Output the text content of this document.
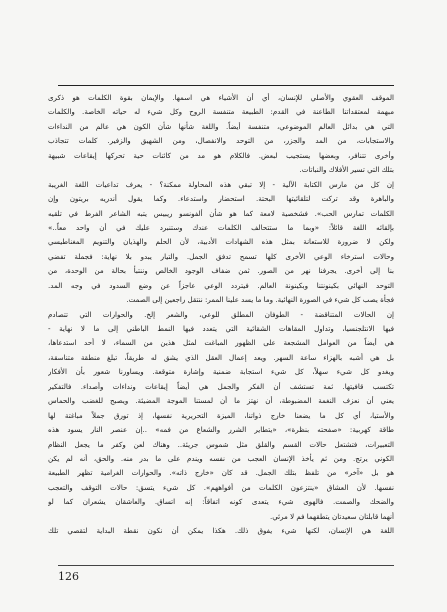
الموقف العقوي والأصلي للإنسان، أي أن الأشياء هي اسمها. والإيمان بقوة الكلمات هو ذكرى
مبهمة لمعتقداتنا الطاعنة في القدم: الطبيعة متنفسة الروح وكل شيء له حياته الخاصة. والكلمات
التي هي بدائل العالم الموضوعي، متنفسة أيضاً. واللغة شأنها شأن الكون هي عالم من النداءات
والاستجابات، من المد والجزر، من التوحد والانفصال، ومن الشهيق والزفير. كلمات تتجاذب
وأخرى تتنافر، وبعضها يستجيب لبعض. فالكلام هو مد من كائنات حية تحركها إيقاعات شبيهة
بتلك التي تسير الأفلاك والنباتات.
إن كل من مارس الكتابة الآلية - إلا تبقي هذه المحاولة ممكنة؟ - يعرف تداعيات اللغة الغريبة
والباهرة وقد تركت لتلقائيتها البحتة. استحضار واستدعاء. وكما يقول أندريه بريتون وإن
الكلمات تمارس الحب». فشخصية لامعة كما هو شأن ألفونسو ريبيس يتبه الشاعر الفرط في تلقيه
بإلقائه اللغة قائلاً: «وبما ما ستتحالف الكلمات عندك وستنبرد عليك في أن واحد معاً..»
ولكن لا ضرورة للاستعانة بمثل هذه الشهادات الأدبية، لأن الحلم والهذيان والتنويم المغناطيسي
وحالات استرخاء الوعي الأخرى كلها تسمح تدفق الجمل. والتيار يبدو بلا نهاية: فجملة تفضي
بنا إلى أخرى. يجرفنا نهر من الصور. ثمن ضفاف الوجود الخالص وننتبأ بحالة من الوحدة، من
التوحد النهائي بكينونتنا وبكينونة العالم. فيتردد الوعي عاجزاً عن وضع السدود في وجه المد.
فجأة يصب كل شيء في الصورة النهائية. وما ما يسد علينا الممر: ننتقل راجعين إلى الصمت.
إن الحالات المتناقضة - الطوفان المطلق للوعي، والشعر إلخ. والحوارات التي تتصادم
فيها الانتلجنسيا، وتداول المقاهات الشقائية التي يتعدد فيها النمط الباطني إلى ما لا نهاية -
هي أيضاً من العوامل المشجعة على الظهور المباغت لمثل هذين من السماء، لا أحد استدعاها،
بل هي أشبه بالهزاء ساعة السهر. ويعد إعمال العقل الذي يشق له طريقاً، تبلغ منطقة متناسقة،
ويغدو كل شيء سهلاً، كل شيء استجابة ضمنية وإشارة متوقعة. ويساورنا شعور بأن الأفكار
تكتسب قافيتها. ثمة تستشف أن الفكر والجمل هي أيضاً إيقاعات ونداءات وأصداء. فالتفكير
يعني أن نعزف النغمة المضبوطة، أن نهتز ما أن لمستنا الموجة المضيئة. ويصبح للغضب والحماس
والأستيا، أي كل ما يضعنا خارج ذواتنا، الميزة التحريرية نفسها، إذ تورق جملاً مباغتة لها
طاقة كهربية: «صفحته بنظرة»، «يتطاير الشرر والشعاع من فمه» ..إن عنصر النار يسود هذه
التعبيرات، فتشتعل حالات القسم والقلق مثل شموس جريئة.. وهناك لعن وكفر ما يجعل النظام
الكوني يرتج. ومن ثم يأخذ الإنسان العجب من نفسه ويندم على ما بدر منه. والحق، أنه لم يكن
هو بل «آخر» من تلفظ بتلك الجمل. قد كان «خارج ذاته». والحوارات الغرامية تظهر الطبيعة
نفسها. لأن العشاق «ينتزعون الكلمات من أفواههم». كل شيء يتسق: حالات التوقف والتعجب
والضحك والصمت. فالهوى شيء يتعدى كونه اتفاقاً: إنه اتساق. والعاشقان يشعران كما لو
أنهما قابلتان سعيدتان يتطقهما فم لا مرئي.
اللغة هي الإنسان، لكنها شيء يفوق ذلك. هكذا يمكن أن نكون نقطة البداية لتقصي تلك
126
